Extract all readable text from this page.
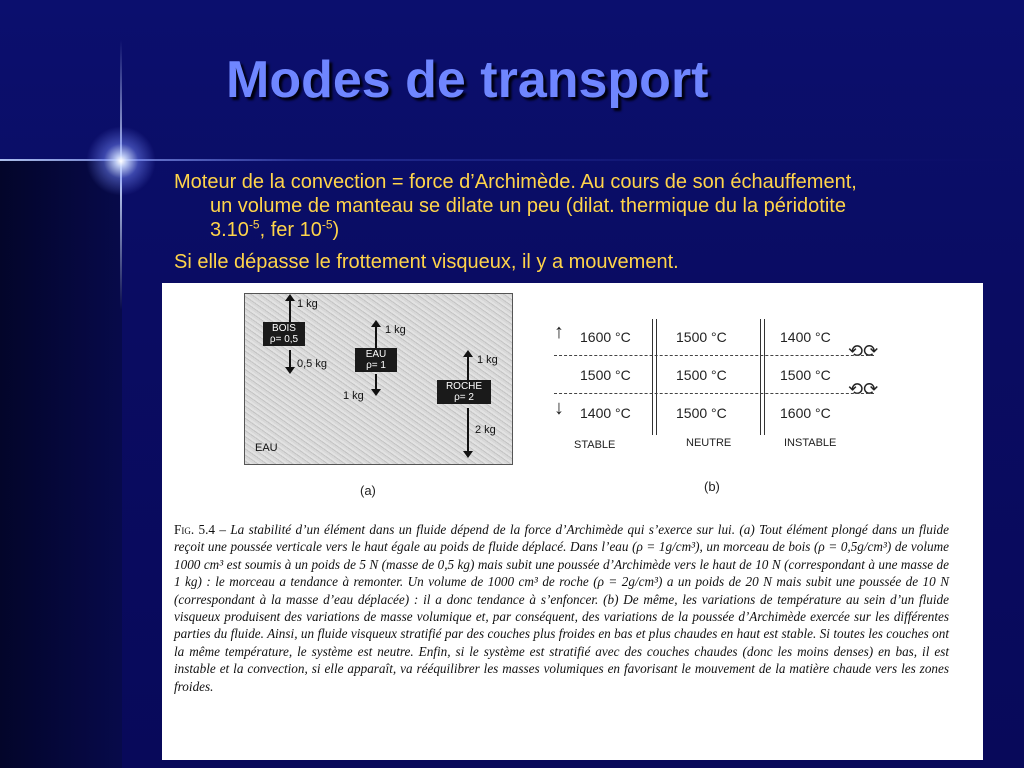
Modes de transport

Moteur de la convection = force d’Archimède. Au cours de son échauffement,

un volume de manteau se dilate un peu (dilat. thermique du la péridotite

$3.10^{-5}$, fer $10^{-5}$)

Si elle dépasse le frottement visqueux, il y a mouvement.

BOIS
ρ= 0,5
1 kg
0,5 kg
EAU
ρ= 1
1 kg
1 kg
ROCHE
ρ= 2
1 kg
2 kg
EAU
(a)
↑
↓
1600 °C
1500 °C
1400 °C
1500 °C
1500 °C
1500 °C
1400 °C
1500 °C
1600 °C
⟲⟳
⟲⟳
STABLE	NEUTRE	INSTABLE
(b)
Fig. 5.4 – La stabilité d’un élément dans un fluide dépend de la force d’Archimède qui s’exerce sur lui. (a) Tout élément plongé dans un fluide reçoit une poussée verticale vers le haut égale au poids de fluide déplacé. Dans l’eau (ρ = 1g/cm³), un morceau de bois (ρ = 0,5g/cm³) de volume 1000 cm³ est soumis à un poids de 5 N (masse de 0,5 kg) mais subit une poussée d’Archimède vers le haut de 10 N (correspondant à une masse de 1 kg) : le morceau a tendance à remonter. Un volume de 1000 cm³ de roche (ρ = 2g/cm³) a un poids de 20 N mais subit une poussée de 10 N (correspondant à la masse d’eau déplacée) : il a donc tendance à s’enfoncer. (b) De même, les variations de température au sein d’un fluide visqueux produisent des variations de masse volumique et, par conséquent, des variations de la poussée d’Archimède exercée sur les différentes parties du fluide. Ainsi, un fluide visqueux stratifié par des couches plus froides en bas et plus chaudes en haut est stable. Si toutes les couches ont la même température, le système est neutre. Enfin, si le système est stratifié avec des couches chaudes (donc les moins denses) en bas, il est instable et la convection, si elle apparaît, va rééquilibrer les masses volumiques en favorisant le mouvement de la matière chaude vers les zones froides.
